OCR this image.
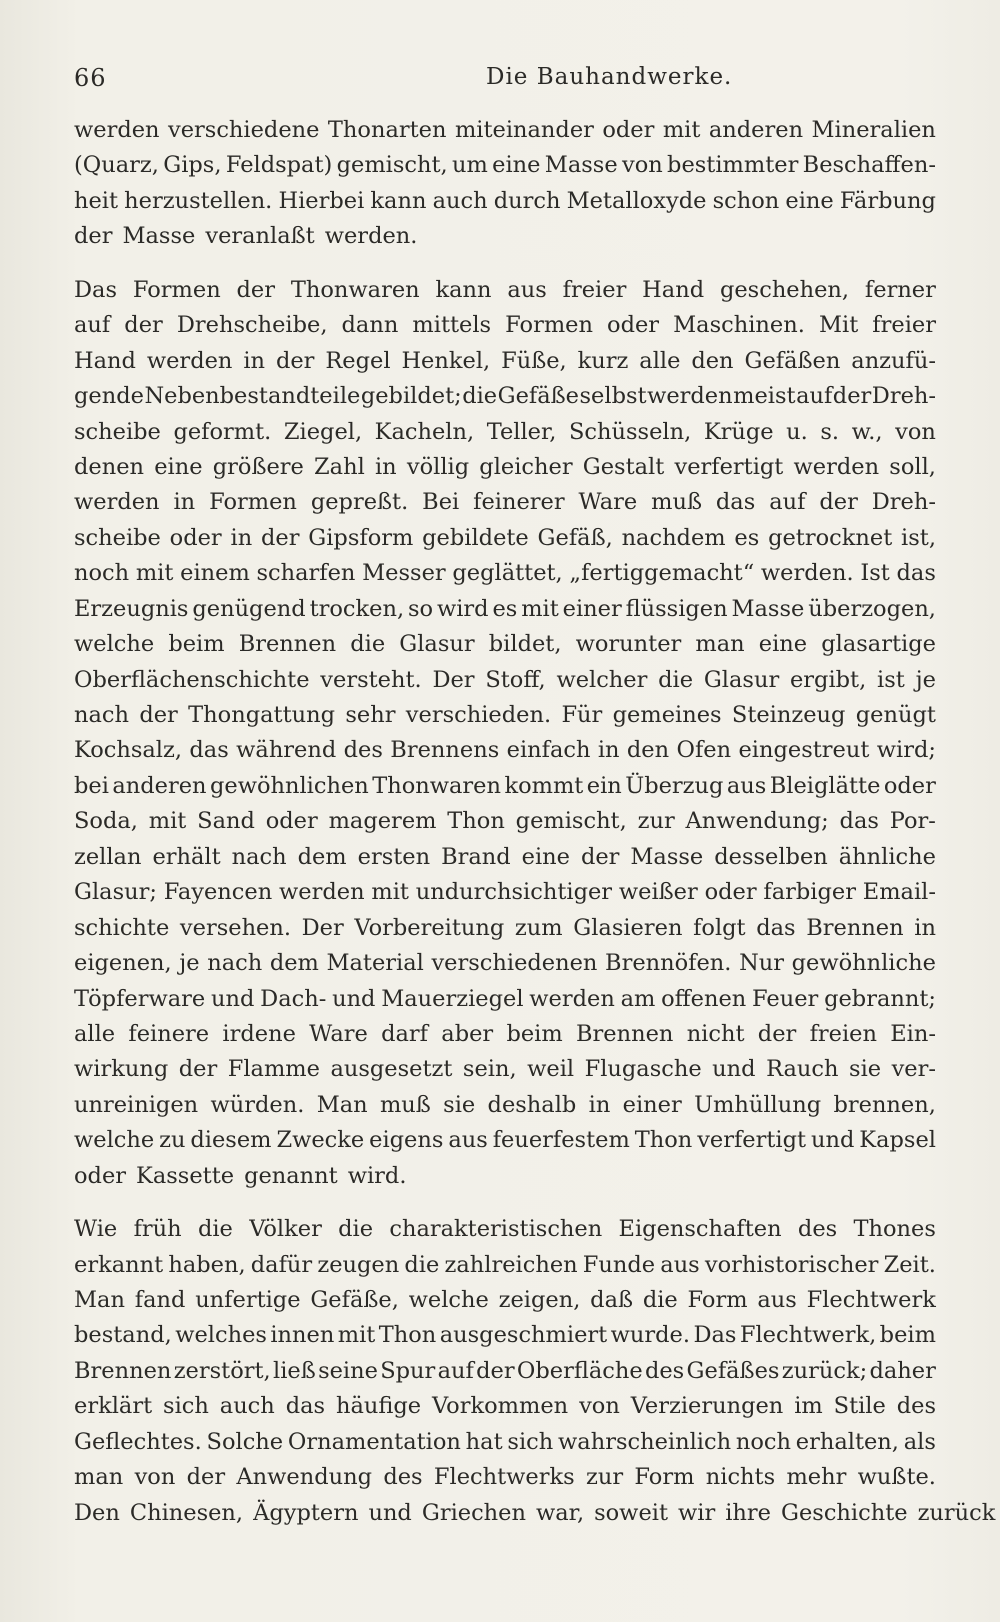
66	Die Bauhandwerke.
werden verschiedene Thonarten miteinander oder mit anderen Mineralien
(Quarz, Gips, Feldspat) gemischt, um eine Masse von bestimmter Beschaffen-
heit herzustellen. Hierbei kann auch durch Metalloxyde schon eine Färbung
der Masse veranlaßt werden.
Das Formen der Thonwaren kann aus freier Hand geschehen, ferner
auf der Drehscheibe, dann mittels Formen oder Maschinen. Mit freier
Hand werden in der Regel Henkel, Füße, kurz alle den Gefäßen anzufü-
gende Nebenbestandteile gebildet; die Gefäße selbst werden meist auf der Dreh-
scheibe geformt. Ziegel, Kacheln, Teller, Schüsseln, Krüge u. s. w., von
denen eine größere Zahl in völlig gleicher Gestalt verfertigt werden soll,
werden in Formen gepreßt. Bei feinerer Ware muß das auf der Dreh-
scheibe oder in der Gipsform gebildete Gefäß, nachdem es getrocknet ist,
noch mit einem scharfen Messer geglättet, „fertiggemacht“ werden. Ist das
Erzeugnis genügend trocken, so wird es mit einer flüssigen Masse überzogen,
welche beim Brennen die Glasur bildet, worunter man eine glasartige
Oberflächenschichte versteht. Der Stoff, welcher die Glasur ergibt, ist je
nach der Thongattung sehr verschieden. Für gemeines Steinzeug genügt
Kochsalz, das während des Brennens einfach in den Ofen eingestreut wird;
bei anderen gewöhnlichen Thonwaren kommt ein Überzug aus Bleiglätte oder
Soda, mit Sand oder magerem Thon gemischt, zur Anwendung; das Por-
zellan erhält nach dem ersten Brand eine der Masse desselben ähnliche
Glasur; Fayencen werden mit undurchsichtiger weißer oder farbiger Email-
schichte versehen. Der Vorbereitung zum Glasieren folgt das Brennen in
eigenen, je nach dem Material verschiedenen Brennöfen. Nur gewöhnliche
Töpferware und Dach- und Mauerziegel werden am offenen Feuer gebrannt;
alle feinere irdene Ware darf aber beim Brennen nicht der freien Ein-
wirkung der Flamme ausgesetzt sein, weil Flugasche und Rauch sie ver-
unreinigen würden. Man muß sie deshalb in einer Umhüllung brennen,
welche zu diesem Zwecke eigens aus feuerfestem Thon verfertigt und Kapsel
oder Kassette genannt wird.
Wie früh die Völker die charakteristischen Eigenschaften des Thones
erkannt haben, dafür zeugen die zahlreichen Funde aus vorhistorischer Zeit.
Man fand unfertige Gefäße, welche zeigen, daß die Form aus Flechtwerk
bestand, welches innen mit Thon ausgeschmiert wurde. Das Flechtwerk, beim
Brennen zerstört, ließ seine Spur auf der Oberfläche des Gefäßes zurück; daher
erklärt sich auch das häufige Vorkommen von Verzierungen im Stile des
Geflechtes. Solche Ornamentation hat sich wahrscheinlich noch erhalten, als
man von der Anwendung des Flechtwerks zur Form nichts mehr wußte.
Den Chinesen, Ägyptern und Griechen war, soweit wir ihre Geschichte zurück
